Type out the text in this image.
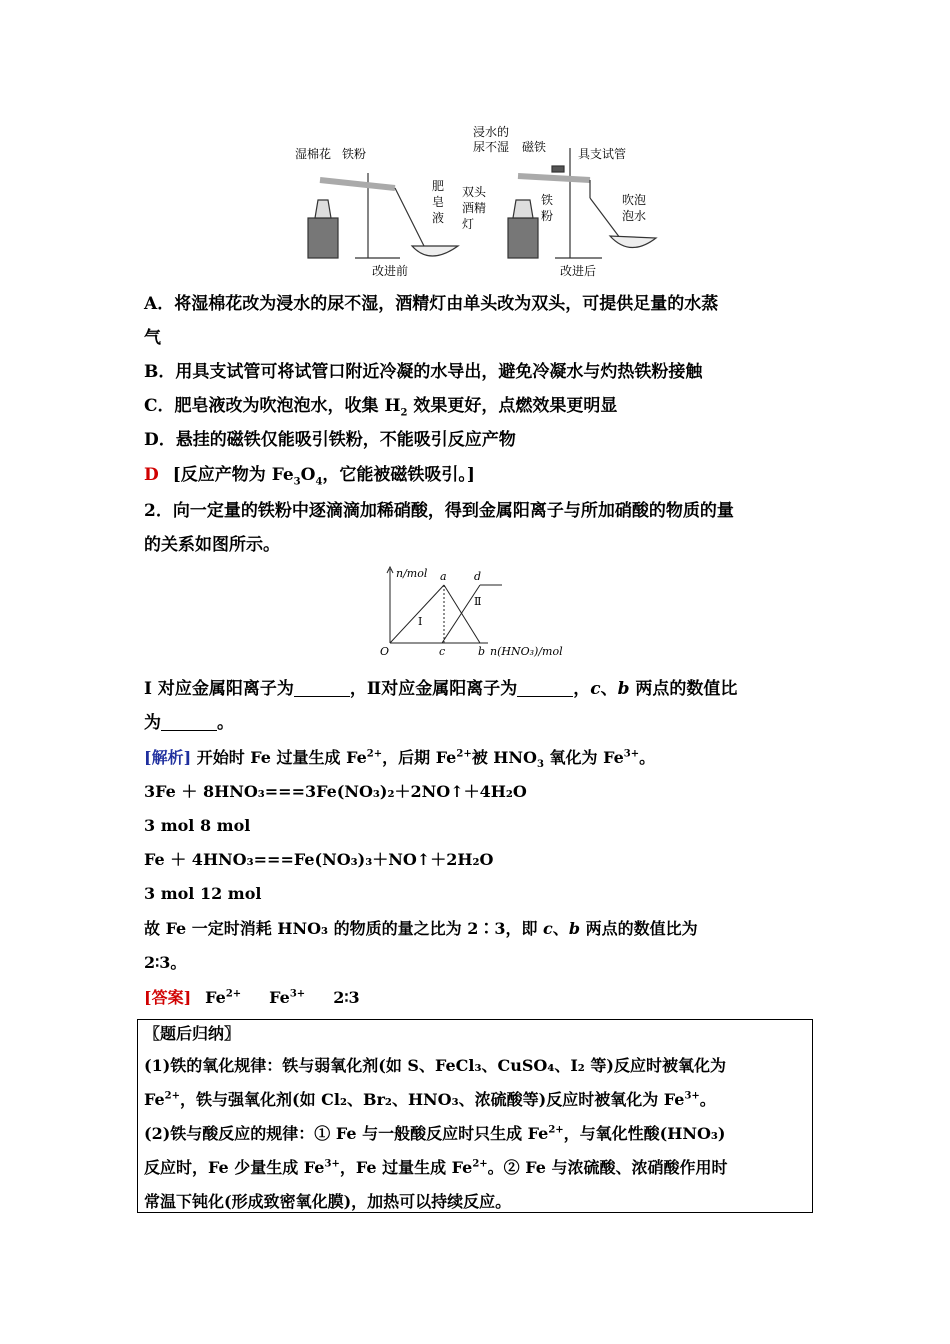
湿棉花 铁粉
肥
皂
液
浸水的
尿不湿 磁铁	具支试管
双头
酒精
灯
铁
粉
吹泡
泡水
改进前	改进后
A．将湿棉花改为浸水的尿不湿，酒精灯由单头改为双头，可提供足量的水蒸
气
B．用具支试管可将试管口附近冷凝的水导出，避免冷凝水与灼热铁粉接触
C．肥皂液改为吹泡泡水，收集 $H_2$ 效果更好，点燃效果更明显
D．悬挂的磁铁仅能吸引铁粉，不能吸引反应产物
D [反应产物为 $Fe_3O_4$，它能被磁铁吸引。]
2．向一定量的铁粉中逐滴滴加稀硝酸，得到金属阳离子与所加硝酸的物质的量
的关系如图所示。
n/mol
O
a d
c	b
Ⅰ
Ⅱ
n(HNO₃)/mol
Ⅰ 对应金属阳离子为	，Ⅱ对应金属阳离子为	，c、b 两点的数值比
为	。
[解析] 开始时 Fe 过量生成 $Fe^{2+}$，后期 $Fe^{2+}$被 $HNO_3$ 氧化为 $Fe^{3+}$。
3Fe ＋ 8HNO₃===3Fe(NO₃)₂＋2NO↑＋4H₂O
3 mol 8 mol
Fe ＋ 4HNO₃===Fe(NO₃)₃＋NO↑＋2H₂O
3 mol 12 mol
故 Fe 一定时消耗 HNO₃ 的物质的量之比为 2∶3，即 c、b 两点的数值比为
2∶3。
[答案] $Fe^{2+}$ $Fe^{3+}$ 2∶3
〖题后归纳〗
(1)铁的氧化规律：铁与弱氧化剂(如 S、FeCl₃、CuSO₄、I₂ 等)反应时被氧化为
$Fe^{2+}$，铁与强氧化剂(如 Cl₂、Br₂、HNO₃、浓硫酸等)反应时被氧化为 $Fe^{3+}$。
(2)铁与酸反应的规律：① Fe 与一般酸反应时只生成 $Fe^{2+}$，与氧化性酸(HNO₃)
反应时，Fe 少量生成 $Fe^{3+}$，Fe 过量生成 $Fe^{2+}$。② Fe 与浓硫酸、浓硝酸作用时
常温下钝化(形成致密氧化膜)，加热可以持续反应。
